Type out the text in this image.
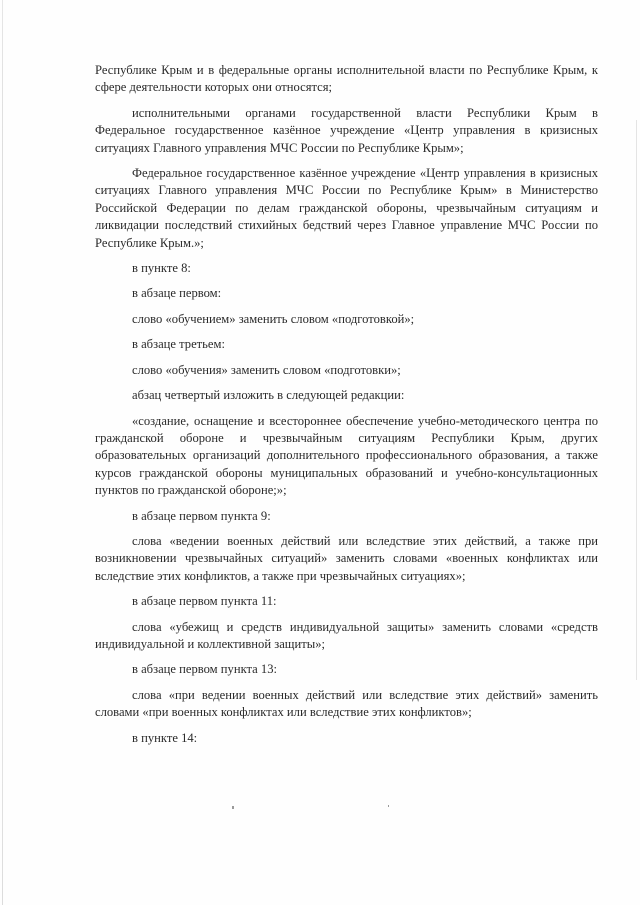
Республике Крым и в федеральные органы исполнительной власти по Республике Крым, к сфере деятельности которых они относятся;

исполнительными органами государственной власти Республики Крым в Федеральное государственное казённое учреждение «Центр управления в кризисных ситуациях Главного управления МЧС России по Республике Крым»;

Федеральное государственное казённое учреждение «Центр управления в кризисных ситуациях Главного управления МЧС России по Республике Крым» в Министерство Российской Федерации по делам гражданской обороны, чрезвычайным ситуациям и ликвидации последствий стихийных бедствий через Главное управление МЧС России по Республике Крым.»;

в пункте 8:

в абзаце первом:

слово «обучением» заменить словом «подготовкой»;

в абзаце третьем:

слово «обучения» заменить словом «подготовки»;

абзац четвертый изложить в следующей редакции:

«создание, оснащение и всестороннее обеспечение учебно-методического центра по гражданской обороне и чрезвычайным ситуациям Республики Крым, других образовательных организаций дополнительного профессионального образования, а также курсов гражданской обороны муниципальных образований и учебно-консультационных пунктов по гражданской обороне;»;

в абзаце первом пункта 9:

слова «ведении военных действий или вследствие этих действий, а также при возникновении чрезвычайных ситуаций» заменить словами «военных конфликтах или вследствие этих конфликтов, а также при чрезвычайных ситуациях»;

в абзаце первом пункта 11:

слова «убежищ и средств индивидуальной защиты» заменить словами «средств индивидуальной и коллективной защиты»;

в абзаце первом пункта 13:

слова «при ведении военных действий или вследствие этих действий» заменить словами «при военных конфликтах или вследствие этих конфликтов»;

в пункте 14:
